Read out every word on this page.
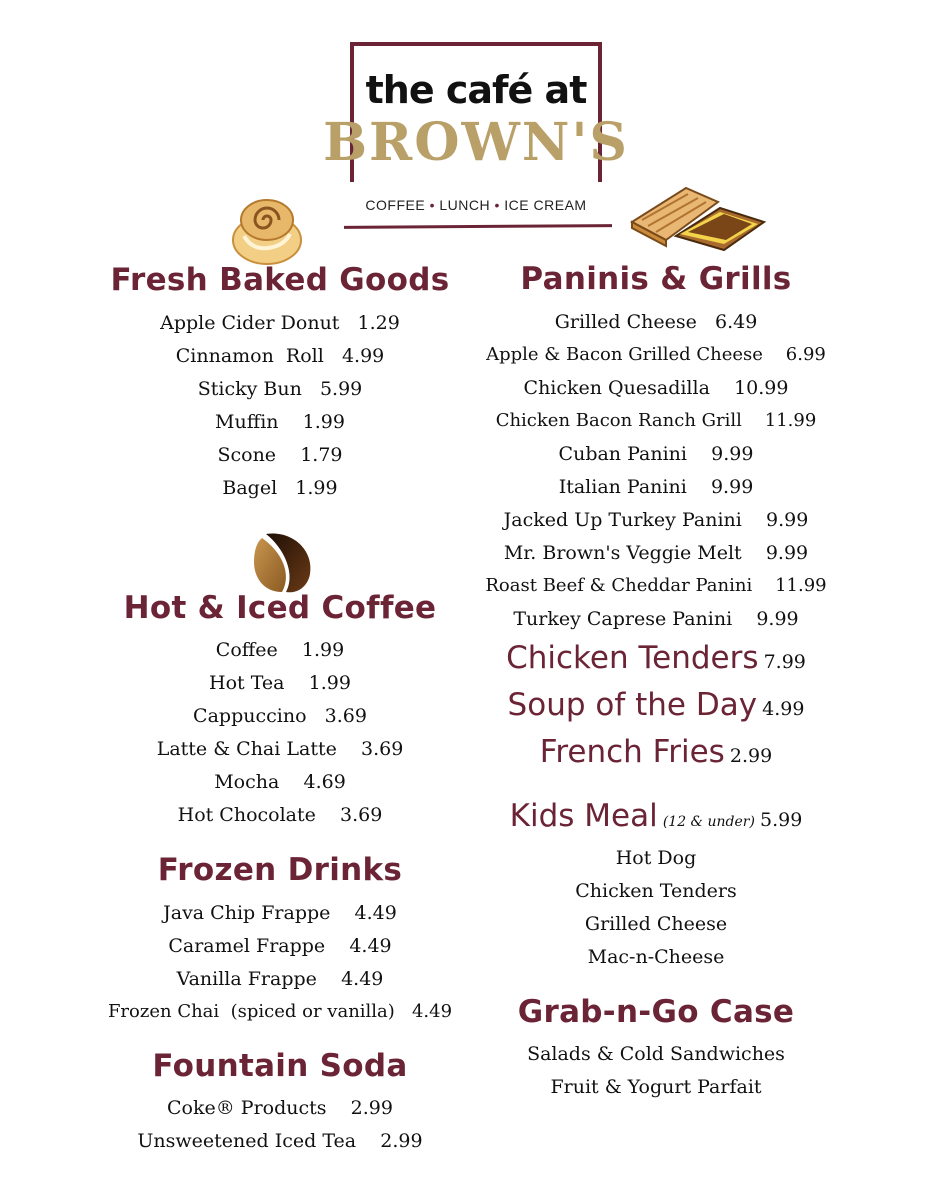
the café at
BROWN'S
COFFEE • LUNCH • ICE CREAM
Fresh Baked Goods
Apple Cider Donut   1.29
Cinnamon  Roll   4.99
Sticky Bun   5.99
Muffin    1.99
Scone    1.79
Bagel   1.99
Hot & Iced Coffee
Coffee    1.99
Hot Tea    1.99
Cappuccino   3.69
Latte & Chai Latte    3.69
Mocha    4.69
Hot Chocolate    3.69
Frozen Drinks
Java Chip Frappe    4.49
Caramel Frappe    4.49
Vanilla Frappe    4.49
Frozen Chai  (spiced or vanilla)   4.49
Fountain Soda
Coke® Products    2.99
Unsweetened Iced Tea    2.99
Paninis & Grills
Grilled Cheese   6.49
Apple & Bacon Grilled Cheese    6.99
Chicken Quesadilla    10.99
Chicken Bacon Ranch Grill    11.99
Cuban Panini    9.99
Italian Panini    9.99
Jacked Up Turkey Panini    9.99
Mr. Brown's Veggie Melt    9.99
Roast Beef & Cheddar Panini    11.99
Turkey Caprese Panini    9.99
Chicken Tenders 7.99
Soup of the Day 4.99
French Fries 2.99
Kids Meal (12 & under) 5.99
Hot Dog
Chicken Tenders
Grilled Cheese
Mac-n-Cheese
Grab-n-Go Case
Salads & Cold Sandwiches
Fruit & Yogurt Parfait
